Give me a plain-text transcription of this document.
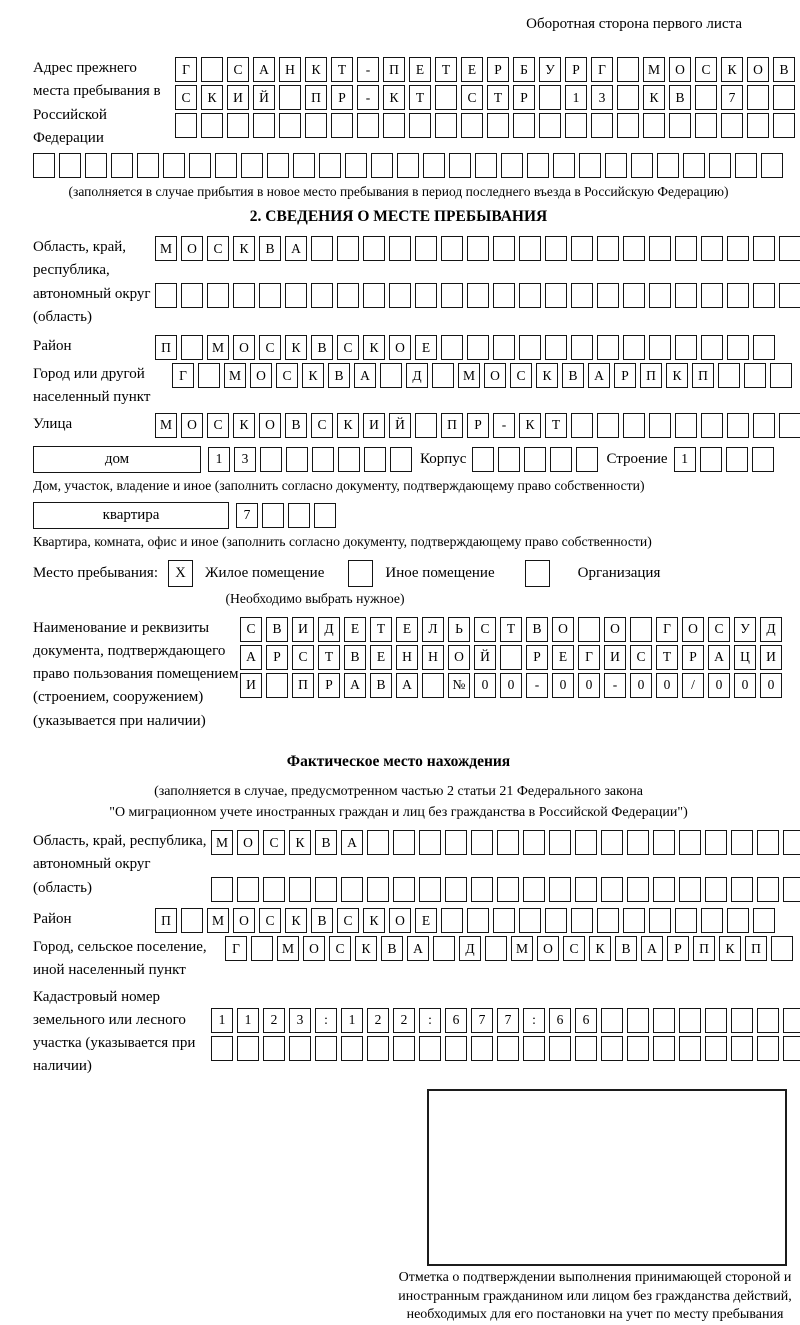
Оборотная сторона первого листа
Адрес прежнего места пребывания в Российской Федерации
Г	С	А	Н	К	Т	-	П	Е	Т	Е	Р	Б	У	Р	Г	М	О	С	К	О	В
С	К	И	Й	П	Р	-	К	Т	С	Т	Р	1	3	К	В	7
(заполняется в случае прибытия в новое место пребывания в период последнего въезда в Российскую Федерацию)
2. СВЕДЕНИЯ О МЕСТЕ ПРЕБЫВАНИЯ
Область, край, республика, автономный округ (область)
М	О	С	К	В	А
Район	П	М	О	С	К	В	С	К	О	Е
Город или другой населенный пункт
Г	М	О	С	К	В	А	Д	М	О	С	К	В	А	Р	П	К	П
Улица	М	О	С	К	О	В	С	К	И	Й	П	Р	-	К	Т
дом	1	3	Корпус	Строение	1
Дом, участок, владение и иное (заполнить согласно документу, подтверждающему право собственности)
квартира	7
Квартира, комната, офис и иное (заполнить согласно документу, подтверждающему право собственности)
Место пребывания:	X	Жилое помещение	Иное помещение	Организация
(Необходимо выбрать нужное)
Наименование и реквизиты документа, подтверждающего право пользования помещением (строением, сооружением) (указывается при наличии)
С	В	И	Д	Е	Т	Е	Л	Ь	С	Т	В	О	О	Г	О	С	У	Д
А	Р	С	Т	В	Е	Н	Н	О	Й	Р	Е	Г	И	С	Т	Р	А	Ц	И
И	П	Р	А	В	А	№	0	0	-	0	0	-	0	0	/	0	0	0
Фактическое место нахождения
(заполняется в случае, предусмотренном частью 2 статьи 21 Федерального закона
"О миграционном учете иностранных граждан и лиц без гражданства в Российской Федерации")
Область, край, республика, автономный округ (область)
М	О	С	К	В	А
Район	П	М	О	С	К	В	С	К	О	Е
Город, сельское поселение, иной населенный пункт
Г	М	О	С	К	В	А	Д	М	О	С	К	В	А	Р	П	К	П
Кадастровый номер земельного или лесного участка (указывается при наличии)
1	1	2	3	:	1	2	2	:	6	7	7	:	6	6
Отметка о подтверждении выполнения принимающей стороной и иностранным гражданином или лицом без гражданства действий, необходимых для его постановки на учет по месту пребывания
